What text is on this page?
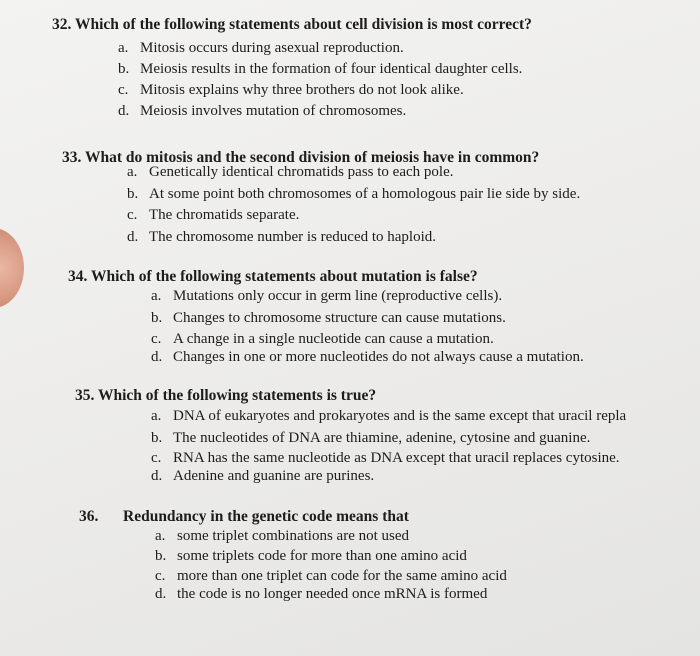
32. Which of the following statements about cell division is most correct?
a. Mitosis occurs during asexual reproduction.
b. Meiosis results in the formation of four identical daughter cells.
c. Mitosis explains why three brothers do not look alike.
d. Meiosis involves mutation of chromosomes.
33. What do mitosis and the second division of meiosis have in common?
a. Genetically identical chromatids pass to each pole.
b. At some point both chromosomes of a homologous pair lie side by side.
c. The chromatids separate.
d. The chromosome number is reduced to haploid.
34. Which of the following statements about mutation is false?
a. Mutations only occur in germ line (reproductive cells).
b. Changes to chromosome structure can cause mutations.
c. A change in a single nucleotide can cause a mutation.
d. Changes in one or more nucleotides do not always cause a mutation.
35. Which of the following statements is true?
a. DNA of eukaryotes and prokaryotes and is the same except that uracil repla
b. The nucleotides of DNA are thiamine, adenine, cytosine and guanine.
c. RNA has the same nucleotide as DNA except that uracil replaces cytosine.
d. Adenine and guanine are purines.
36. Redundancy in the genetic code means that
a. some triplet combinations are not used
b. some triplets code for more than one amino acid
c. more than one triplet can code for the same amino acid
d. the code is no longer needed once mRNA is formed
